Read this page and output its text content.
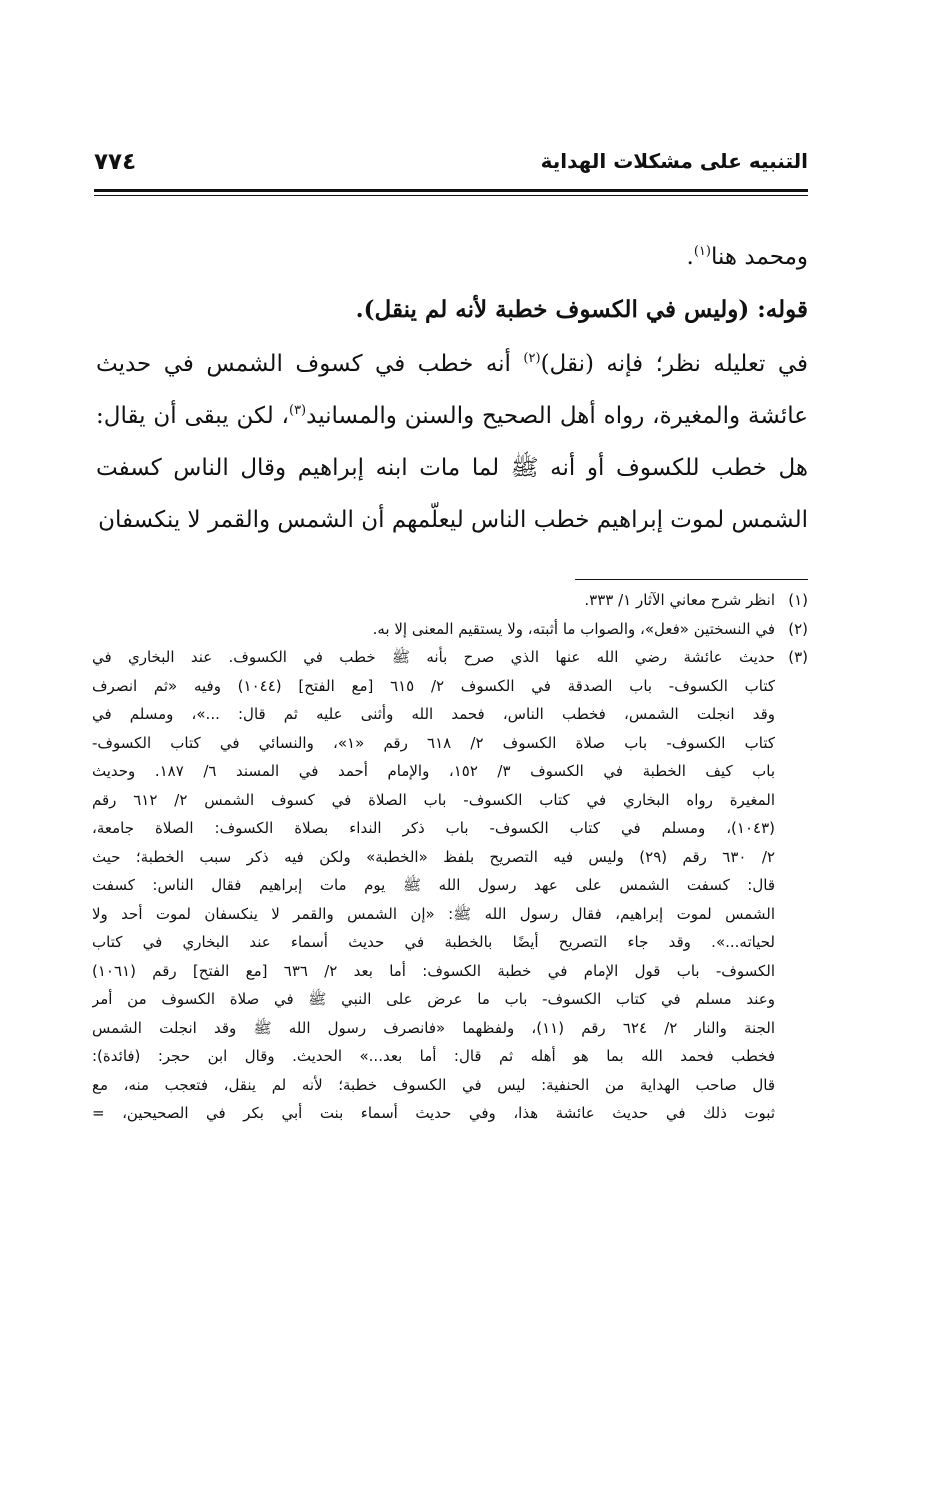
٧٧٤	التنبيه على مشكلات الهداية

ومحمد هنا$^{(١)}$.

قوله: (وليس في الكسوف خطبة لأنه لم ينقل).

في تعليله نظر؛ فإنه (نقل)$^{(٢)}$ أنه خطب في كسوف الشمس في حديث عائشة والمغيرة، رواه أهل الصحيح والسنن والمسانيد$^{(٣)}$، لكن يبقى أن يقال: هل خطب للكسوف أو أنه ﷺ لما مات ابنه إبراهيم وقال الناس كسفت الشمس لموت إبراهيم خطب الناس ليعلّمهم أن الشمس والقمر لا ينكسفان

(١)
انظر شرح معاني الآثار ١/ ٣٣٣.
(٢)
في النسختين «فعل»، والصواب ما أثبته، ولا يستقيم المعنى إلا به.
(٣)
حديث عائشة رضي الله عنها الذي صرح بأنه ﷺ خطب في الكسوف. عند البخاري في
كتاب الكسوف- باب الصدقة في الكسوف ٢/ ٦١٥ [مع الفتح] (١٠٤٤) وفيه «ثم انصرف
وقد انجلت الشمس، فخطب الناس، فحمد الله وأثنى عليه ثم قال: ...»، ومسلم في
كتاب الكسوف- باب صلاة الكسوف ٢/ ٦١٨ رقم «١»، والنسائي في كتاب الكسوف-
باب كيف الخطبة في الكسوف ٣/ ١٥٢، والإمام أحمد في المسند ٦/ ١٨٧. وحديث
المغيرة رواه البخاري في كتاب الكسوف- باب الصلاة في كسوف الشمس ٢/ ٦١٢ رقم
(١٠٤٣)، ومسلم في كتاب الكسوف- باب ذكر النداء بصلاة الكسوف: الصلاة جامعة،
٢/ ٦٣٠ رقم (٢٩) وليس فيه التصريح بلفظ «الخطبة» ولكن فيه ذكر سبب الخطبة؛ حيث
قال: كسفت الشمس على عهد رسول الله ﷺ يوم مات إبراهيم فقال الناس: كسفت
الشمس لموت إبراهيم، فقال رسول الله ﷺ: «إن الشمس والقمر لا ينكسفان لموت أحد ولا
لحياته...». وقد جاء التصريح أيضًا بالخطبة في حديث أسماء عند البخاري في كتاب
الكسوف- باب قول الإمام في خطبة الكسوف: أما بعد ٢/ ٦٣٦ [مع الفتح] رقم (١٠٦١)
وعند مسلم في كتاب الكسوف- باب ما عرض على النبي ﷺ في صلاة الكسوف من أمر
الجنة والنار ٢/ ٦٢٤ رقم (١١)، ولفظهما «فانصرف رسول الله ﷺ وقد انجلت الشمس
فخطب فحمد الله بما هو أهله ثم قال: أما بعد...» الحديث. وقال ابن حجر: (فائدة):
قال صاحب الهداية من الحنفية: ليس في الكسوف خطبة؛ لأنه لم ينقل، فتعجب منه، مع
ثبوت ذلك في حديث عائشة هذا، وفي حديث أسماء بنت أبي بكر في الصحيحين، =
